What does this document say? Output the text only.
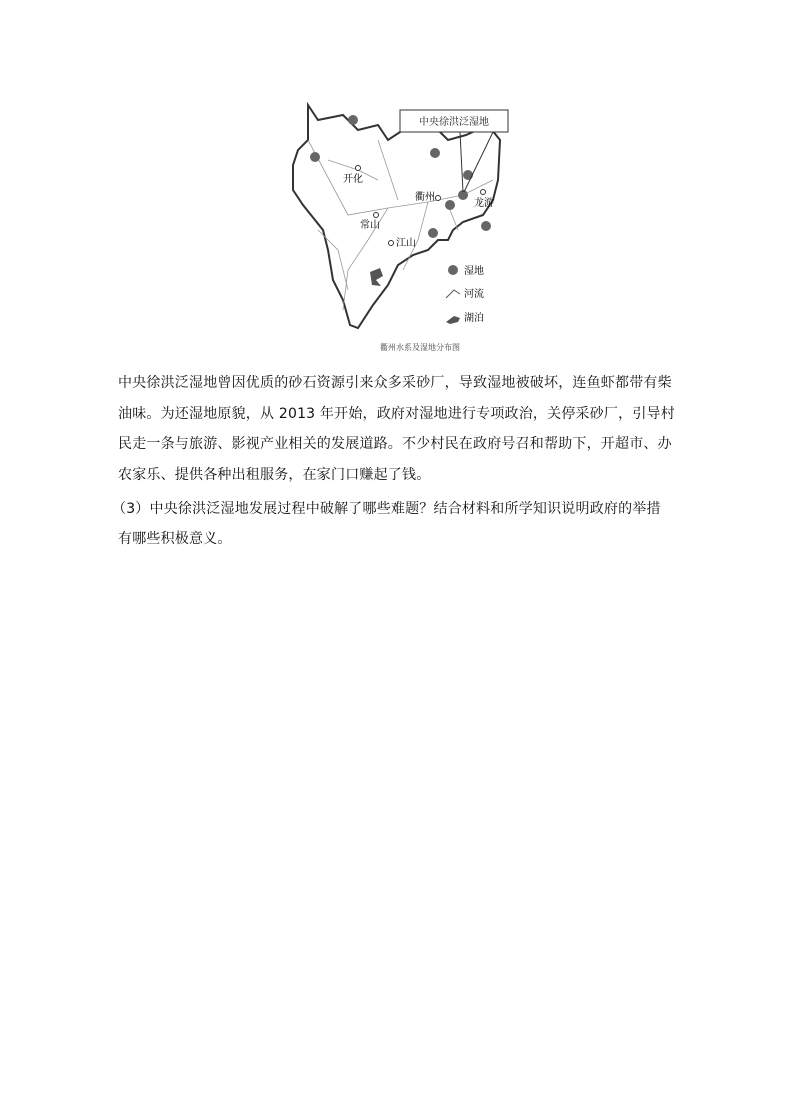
中央徐洪泛湿地
开化
衢州
常山
江山
龙游
湿地
河流
湖泊
衢州水系及湿地分布图
中央徐洪泛湿地曾因优质的砂石资源引来众多采砂厂，导致湿地被破坏，连鱼虾都带有柴
油味。为还湿地原貌，从 2013 年开始，政府对湿地进行专项政治，关停采砂厂，引导村
民走一条与旅游、影视产业相关的发展道路。不少村民在政府号召和帮助下，开超市、办
农家乐、提供各种出租服务，在家门口赚起了钱。
（3）中央徐洪泛湿地发展过程中破解了哪些难题？结合材料和所学知识说明政府的举措
有哪些积极意义。
